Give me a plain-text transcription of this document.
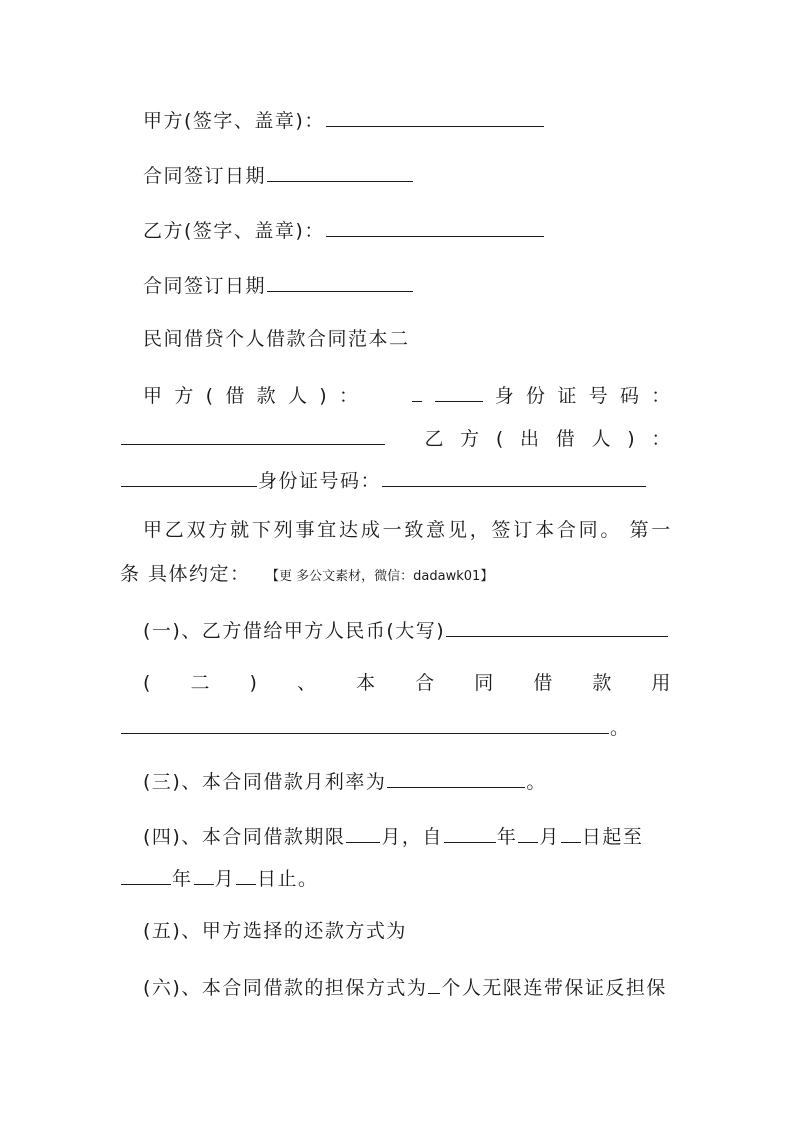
甲方(签字、盖章)：
合同签订日期
乙方(签字、盖章)：
合同签订日期
民间借贷个人借款合同范本二
甲 方 ( 借 款 人 ) ：	身 份 证 号 码 ：
乙 方 ( 出 借 人 ) ：
身份证号码：
甲 乙 双 方 就 下 列 事 宜 达 成 一 致 意 见 ， 签 订 本 合 同 。 第 一
条 具体约定： 【更 多公文素材，微信：dadawk01】
(一)、乙方借给甲方人民币(大写)
( 二 ) 、 本 合 同 借 款 用
。
(三)、本合同借款月利率为	。
(四)、本合同借款期限 月，自	年 月 日起至
年 月 日止。
(五)、甲方选择的还款方式为
(六)、本合同借款的担保方式为 个人无限连带保证反担保
